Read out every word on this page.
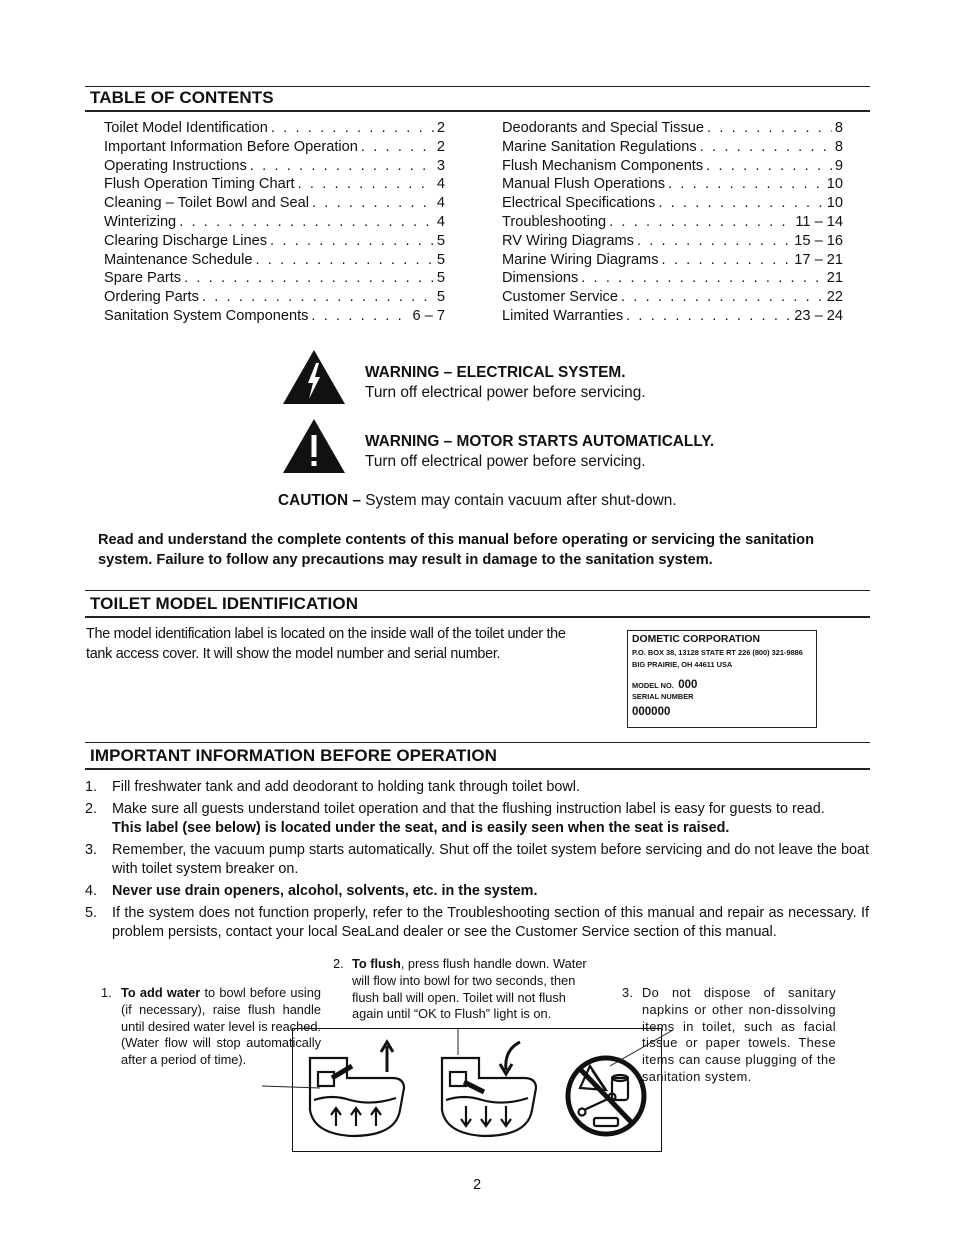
TABLE OF CONTENTS
Toilet Model Identification . . .	2
Important Information Before Operation . . .	2
Operating Instructions . . .	3
Flush Operation Timing Chart . . .	4
Cleaning – Toilet Bowl and Seal . . .	4
Winterizing . . .	4
Clearing Discharge Lines . . .	5
Maintenance Schedule . . .	5
Spare Parts . . .	5
Ordering Parts . . .	5
Sanitation System Components . . .	6 – 7
Deodorants and Special Tissue . . .	8
Marine Sanitation Regulations . . .	8
Flush Mechanism Components . . .	9
Manual Flush Operations . . .	10
Electrical Specifications . . .	10
Troubleshooting . . .	11 – 14
RV Wiring Diagrams . . .	15 – 16
Marine Wiring Diagrams . . .	17 – 21
Dimensions . . .	21
Customer Service . . .	22
Limited Warranties . . .	23 – 24
WARNING – ELECTRICAL SYSTEM.
Turn off electrical power before servicing.
WARNING – MOTOR STARTS AUTOMATICALLY.
Turn off electrical power before servicing.
CAUTION – System may contain vacuum after shut-down.
Read and understand the complete contents of this manual before operating or servicing the sanitation system. Failure to follow any precautions may result in damage to the sanitation system.
TOILET MODEL IDENTIFICATION
The model identification label is located on the inside wall of the toilet under the tank access cover. It will show the model number and serial number.
DOMETIC CORPORATION
P.O. BOX 38, 13128 STATE RT 226 (800) 321-9886
BIG PRAIRIE, OH 44611 USA
MODEL NO. 000
SERIAL NUMBER
000000
IMPORTANT INFORMATION BEFORE OPERATION
1. Fill freshwater tank and add deodorant to holding tank through toilet bowl.
2. Make sure all guests understand toilet operation and that the flushing instruction label is easy for guests to read.
This label (see below) is located under the seat, and is easily seen when the seat is raised.
3. Remember, the vacuum pump starts automatically. Shut off the toilet system before servicing and do not leave the boat with toilet system breaker on.
4. Never use drain openers, alcohol, solvents, etc. in the system.
5. If the system does not function properly, refer to the Troubleshooting section of this manual and repair as necessary. If problem persists, contact your local SeaLand dealer or see the Customer Service section of this manual.
1. To add water to bowl before using (if necessary), raise flush handle until desired water level is reached. (Water flow will stop automatically after a period of time).
2. To flush, press flush handle down. Water will flow into bowl for two seconds, then flush ball will open. Toilet will not flush again until “OK to Flush” light is on.
3. Do not dispose of sanitary napkins or other non-dissolving items in toilet, such as facial tissue or paper towels. These items can cause plugging of the sanitation system.
2
